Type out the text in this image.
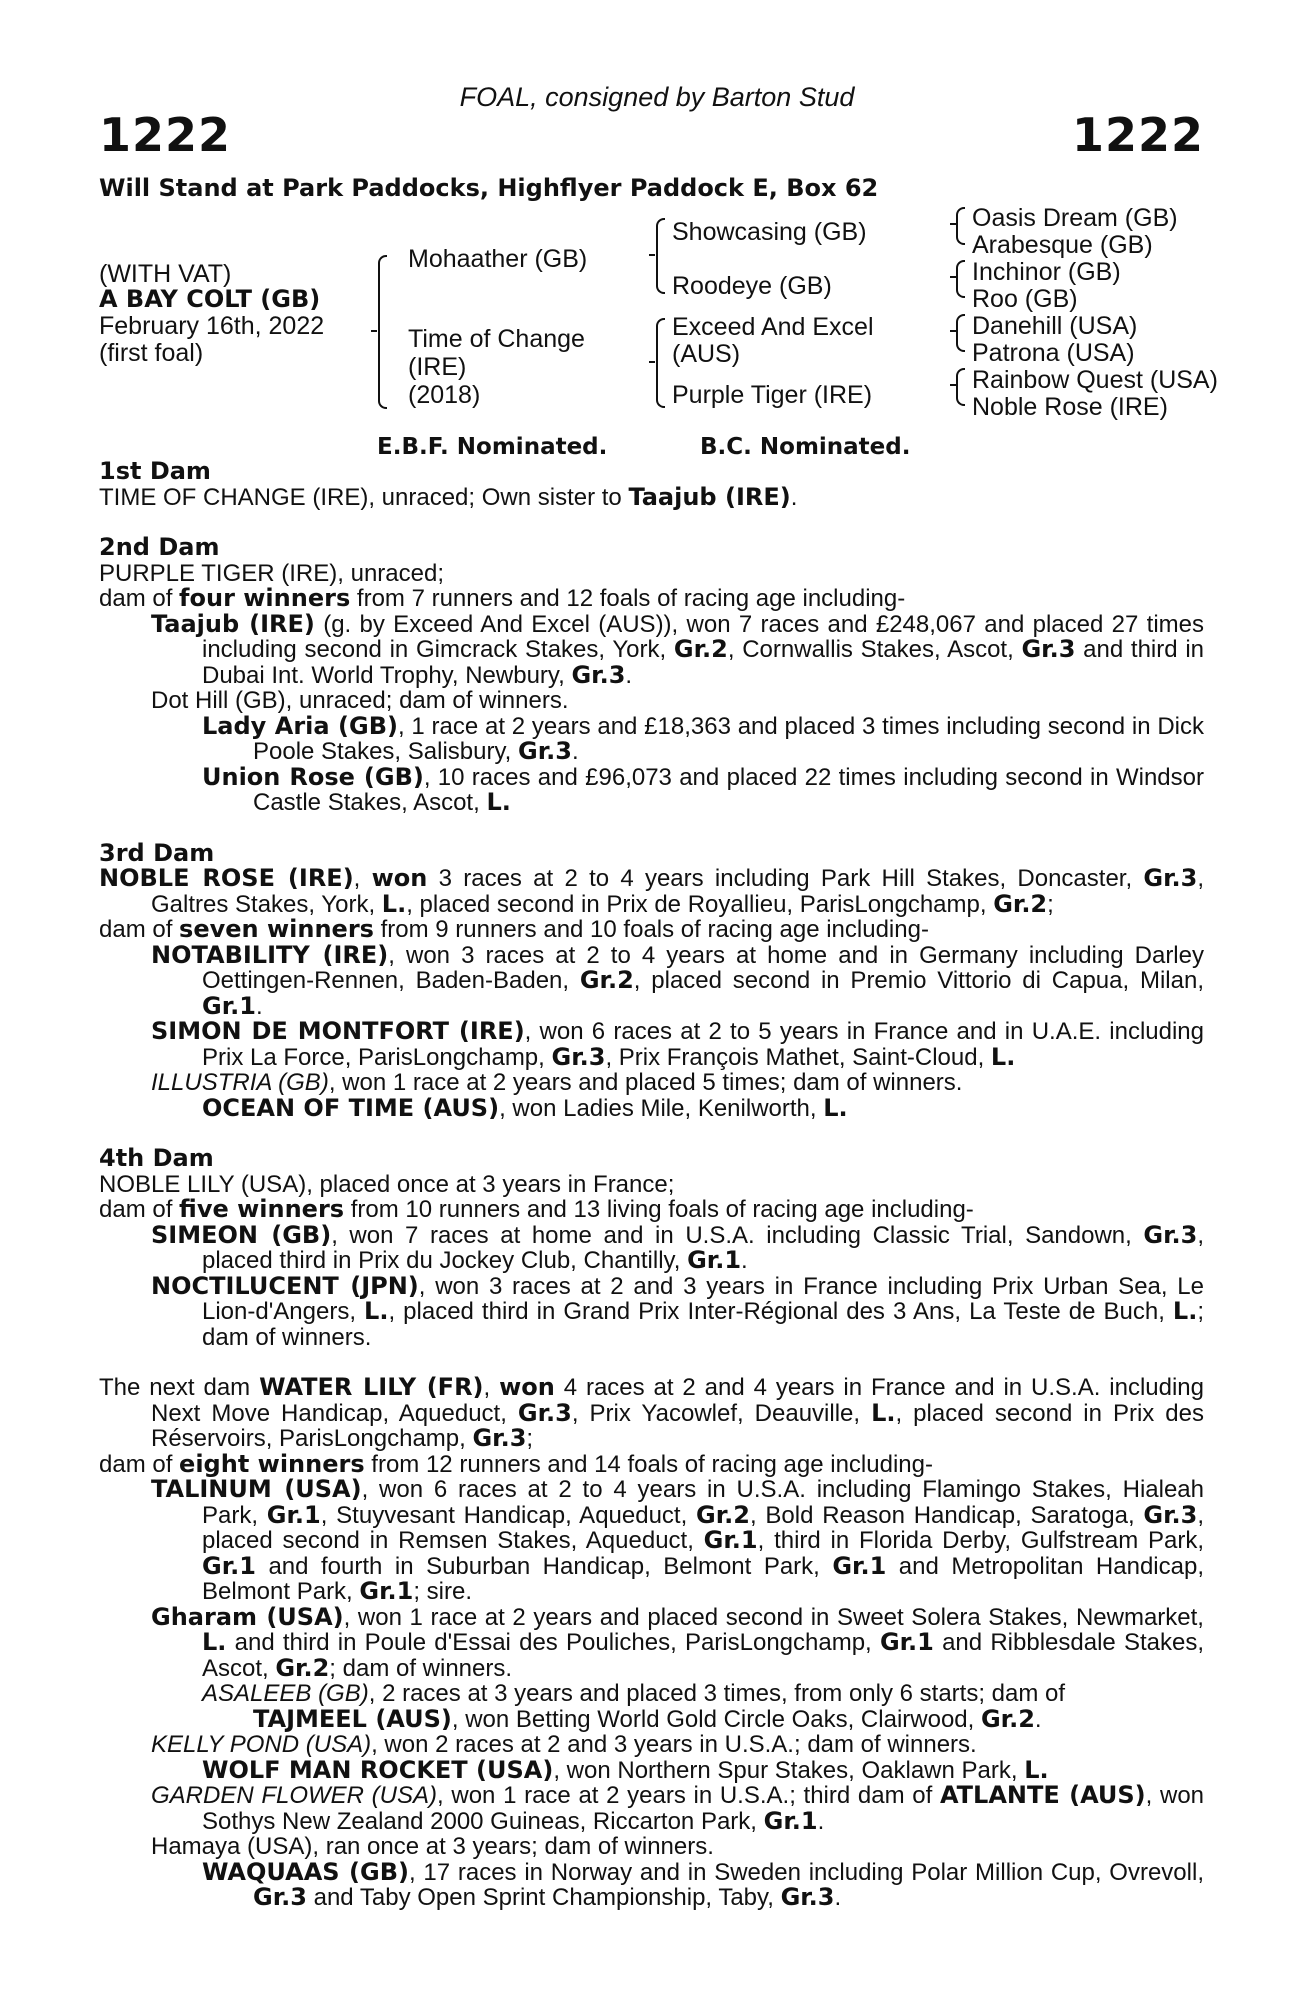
FOAL, consigned by Barton Stud
1222	1222
Will Stand at Park Paddocks, Highflyer Paddock E, Box 62
(WITH VAT)
A BAY COLT (GB)
February 16th, 2022
(first foal)
Mohaather (GB)
Time of Change
(IRE)
(2018)
Showcasing (GB)
Roodeye (GB)
Exceed And Excel
(AUS)
Purple Tiger (IRE)
Oasis Dream (GB)
Arabesque (GB)
Inchinor (GB)
Roo (GB)
Danehill (USA)
Patrona (USA)
Rainbow Quest (USA)
Noble Rose (IRE)
E.B.F. Nominated.	B.C. Nominated.

1st Dam

TIME OF CHANGE (IRE), unraced; Own sister to Taajub (IRE).

2nd Dam

PURPLE TIGER (IRE), unraced;

dam of four winners from 7 runners and 12 foals of racing age including-

Taajub (IRE) (g. by Exceed And Excel (AUS)), won 7 races and £248,067 and placed 27 times including second in Gimcrack Stakes, York, Gr.2, Cornwallis Stakes, Ascot, Gr.3 and third in Dubai Int. World Trophy, Newbury, Gr.3.

Dot Hill (GB), unraced; dam of winners.

Lady Aria (GB), 1 race at 2 years and £18,363 and placed 3 times including second in Dick Poole Stakes, Salisbury, Gr.3.

Union Rose (GB), 10 races and £96,073 and placed 22 times including second in Windsor Castle Stakes, Ascot, L.

3rd Dam

NOBLE ROSE (IRE), won 3 races at 2 to 4 years including Park Hill Stakes, Doncaster, Gr.3, Galtres Stakes, York, L., placed second in Prix de Royallieu, ParisLongchamp, Gr.2;

dam of seven winners from 9 runners and 10 foals of racing age including-

NOTABILITY (IRE), won 3 races at 2 to 4 years at home and in Germany including Darley Oettingen-Rennen, Baden-Baden, Gr.2, placed second in Premio Vittorio di Capua, Milan, Gr.1.

SIMON DE MONTFORT (IRE), won 6 races at 2 to 5 years in France and in U.A.E. including Prix La Force, ParisLongchamp, Gr.3, Prix François Mathet, Saint-Cloud, L.

ILLUSTRIA (GB), won 1 race at 2 years and placed 5 times; dam of winners.

OCEAN OF TIME (AUS), won Ladies Mile, Kenilworth, L.

4th Dam

NOBLE LILY (USA), placed once at 3 years in France;

dam of five winners from 10 runners and 13 living foals of racing age including-

SIMEON (GB), won 7 races at home and in U.S.A. including Classic Trial, Sandown, Gr.3, placed third in Prix du Jockey Club, Chantilly, Gr.1.

NOCTILUCENT (JPN), won 3 races at 2 and 3 years in France including Prix Urban Sea, Le Lion-d'Angers, L., placed third in Grand Prix Inter-Régional des 3 Ans, La Teste de Buch, L.; dam of winners.

The next dam WATER LILY (FR), won 4 races at 2 and 4 years in France and in U.S.A. including Next Move Handicap, Aqueduct, Gr.3, Prix Yacowlef, Deauville, L., placed second in Prix des Réservoirs, ParisLongchamp, Gr.3;

dam of eight winners from 12 runners and 14 foals of racing age including-

TALINUM (USA), won 6 races at 2 to 4 years in U.S.A. including Flamingo Stakes, Hialeah Park, Gr.1, Stuyvesant Handicap, Aqueduct, Gr.2, Bold Reason Handicap, Saratoga, Gr.3, placed second in Remsen Stakes, Aqueduct, Gr.1, third in Florida Derby, Gulfstream Park, Gr.1 and fourth in Suburban Handicap, Belmont Park, Gr.1 and Metropolitan Handicap, Belmont Park, Gr.1; sire.

Gharam (USA), won 1 race at 2 years and placed second in Sweet Solera Stakes, Newmarket, L. and third in Poule d'Essai des Pouliches, ParisLongchamp, Gr.1 and Ribblesdale Stakes, Ascot, Gr.2; dam of winners.

ASALEEB (GB), 2 races at 3 years and placed 3 times, from only 6 starts; dam of

TAJMEEL (AUS), won Betting World Gold Circle Oaks, Clairwood, Gr.2.

KELLY POND (USA), won 2 races at 2 and 3 years in U.S.A.; dam of winners.

WOLF MAN ROCKET (USA), won Northern Spur Stakes, Oaklawn Park, L.

GARDEN FLOWER (USA), won 1 race at 2 years in U.S.A.; third dam of ATLANTE (AUS), won Sothys New Zealand 2000 Guineas, Riccarton Park, Gr.1.

Hamaya (USA), ran once at 3 years; dam of winners.

WAQUAAS (GB), 17 races in Norway and in Sweden including Polar Million Cup, Ovrevoll, Gr.3 and Taby Open Sprint Championship, Taby, Gr.3.
